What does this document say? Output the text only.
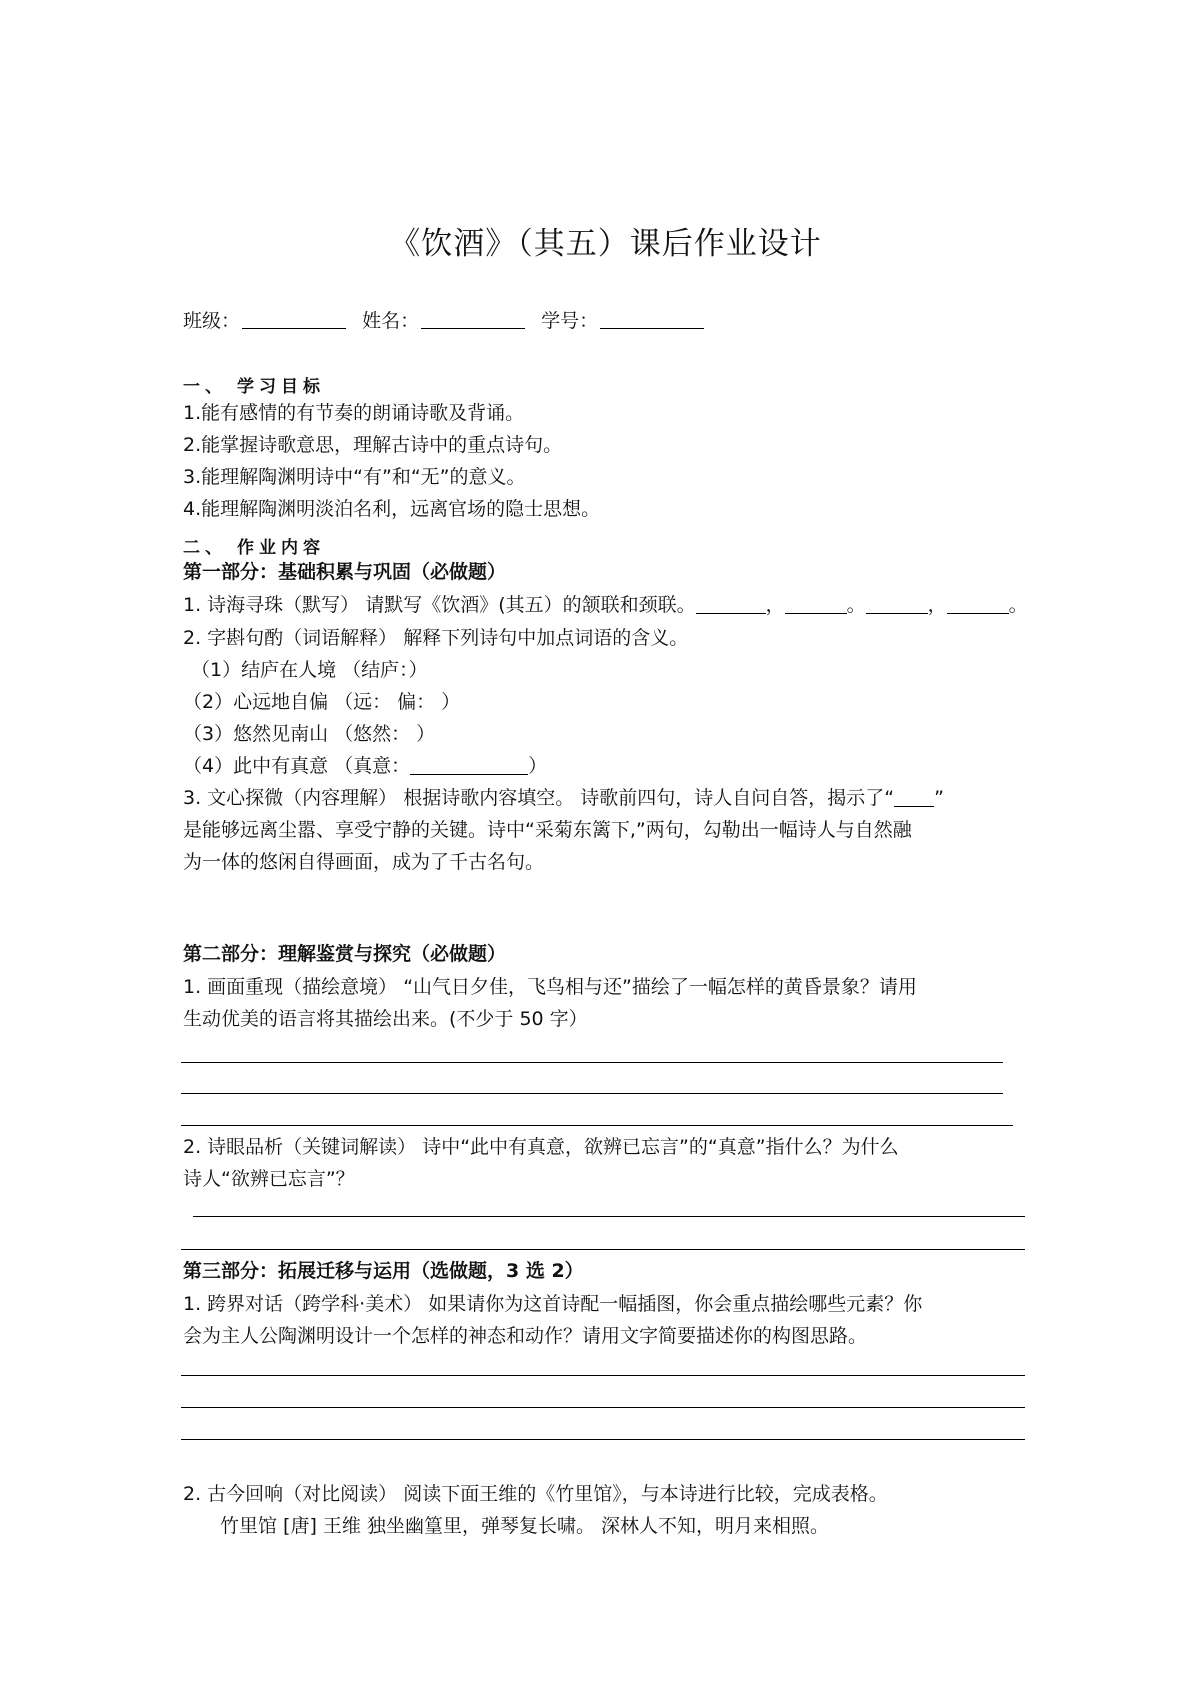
《饮酒》（其五）课后作业设计
班级：	姓名：	学号：
一、 学习目标
1.能有感情的有节奏的朗诵诗歌及背诵。
2.能掌握诗歌意思，理解古诗中的重点诗句。
3.能理解陶渊明诗中“有”和“无”的意义。
4.能理解陶渊明淡泊名利，远离官场的隐士思想。
二、 作业内容
第一部分：基础积累与巩固（必做题）
1. 诗海寻珠（默写） 请默写《饮酒》(其五）的颔联和颈联。	，	。	，	。
2. 字斟句酌（词语解释） 解释下列诗句中加点词语的含义。
（1）结庐在人境 （结庐：）
（2）心远地自偏 （远： 偏： ）
（3）悠然见南山 （悠然： ）
（4）此中有真意 （真意：	）
3. 文心探微（内容理解） 根据诗歌内容填空。 诗歌前四句，诗人自问自答，揭示了“ ”
是能够远离尘嚣、享受宁静的关键。诗中“采菊东篱下,”两句，勾勒出一幅诗人与自然融
为一体的悠闲自得画面，成为了千古名句。
第二部分：理解鉴赏与探究（必做题）
1. 画面重现（描绘意境） “山气日夕佳，飞鸟相与还”描绘了一幅怎样的黄昏景象？请用
生动优美的语言将其描绘出来。(不少于 50 字）
2. 诗眼品析（关键词解读） 诗中“此中有真意，欲辨已忘言”的“真意”指什么？为什么
诗人“欲辨已忘言”？
第三部分：拓展迁移与运用（选做题，3 选 2）
1. 跨界对话（跨学科·美术） 如果请你为这首诗配一幅插图，你会重点描绘哪些元素？你
会为主人公陶渊明设计一个怎样的神态和动作？请用文字简要描述你的构图思路。
2. 古今回响（对比阅读） 阅读下面王维的《竹里馆》，与本诗进行比较，完成表格。
竹里馆 [唐] 王维 独坐幽篁里，弹琴复长啸。 深林人不知，明月来相照。
